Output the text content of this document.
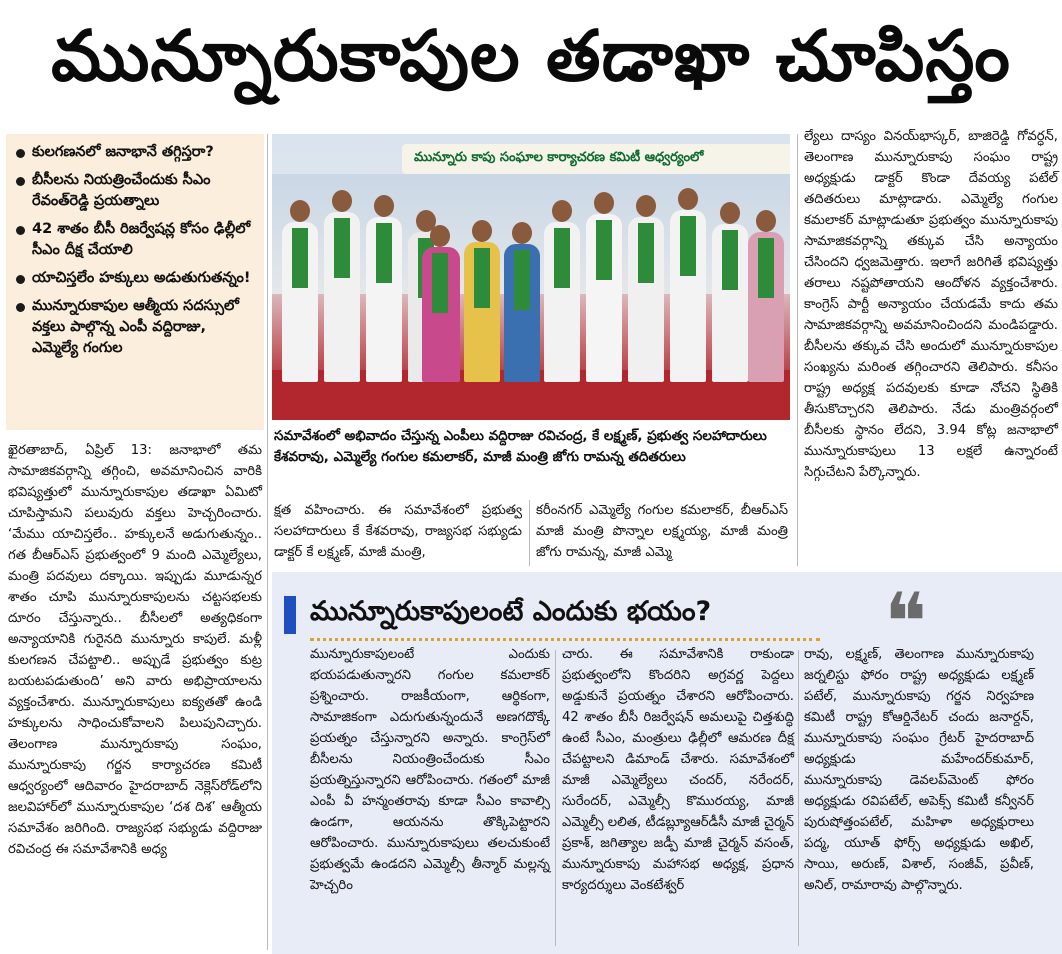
మున్నూరుకాపుల తడాఖా చూపిస్తం
కులగణనలో జనాభానే తగ్గిస్తరా?
బీసీలను నియత్రించేందుకు సీఎం రేవంత్‌రెడ్డి ప్రయత్నాలు
42 శాతం బీసీ రిజర్వేషన్ల కోసం ఢిల్లీలో సీఎం దీక్ష చేయాలి
యాచిస్తలేం హక్కులు అడుతుగుతన్నం!
మున్నూరుకాపుల ఆత్మీయ సదస్సులో వక్తలు పాల్గొన్న ఎంపీ వద్దిరాజు, ఎమ్మెల్యే గంగుల

ఖైరతాబాద్‌, ఏప్రిల్‌ 13: జనాభాలో తమ సామాజికవర్గాన్ని తగ్గించి, అవమానించిన వారికి భవిష్యత్తులో మున్నూరుకాపుల తడాఖా ఏమిటో చూపిస్తామని పలువురు వక్తలు హెచ్చరించారు. ‘మేము యాచిస్తలేం.. హక్కులనే అడుగుతున్నం.. గత బీఆర్‌ఎస్‌ ప్రభుత్వంలో 9 మంది ఎమ్మెల్యేలు, మంత్రి పదవులు దక్కాయి. ఇప్పుడు మూడున్నర శాతం చూపి మున్నూరుకాపులను చట్టసభలకు దూరం చేస్తున్నారు.. బీసీలలో అత్యధికంగా అన్యాయానికి గురైనది మున్నూరు కాపులే. మళ్లీ కులగణన చేపట్టాలి.. అప్పుడే ప్రభుత్వం కుట్ర బయటపడుతుంది’ అని వారు అభిప్రాయాలను వ్యక్తంచేశారు. మున్నూరుకాపులు ఐక్యతతో ఉండి హక్కులను సాధించుకోవాలని పిలుపునిచ్చారు. తెలంగాణ మున్నూరుకాపు సంఘం, మున్నూరుకాపు గర్జన కార్యాచరణ కమిటీ ఆధ్వర్యంలో ఆదివారం హైదరాబాద్‌ నెక్లెస్‌రోడ్‌లోని జలవిహార్‌లో మున్నూరుకాపుల ‘దశ దిశ’ ఆత్మీయ సమావేశం జరిగింది. రాజ్యసభ సభ్యుడు వద్దిరాజు రవిచంద్ర ఈ సమావేశానికి అధ్య

మున్నూరు కాపు సంఘాల కార్యాచరణ కమిటీ ఆధ్వర్యంలో
సమావేశంలో అభివాదం చేస్తున్న ఎంపీలు వద్దిరాజు రవిచంద్ర, కే లక్ష్మణ్‌, ప్రభుత్వ సలహాదారులు కేశవరావు, ఎమ్మెల్యే గంగుల కమలాకర్‌, మాజీ మంత్రి జోగు రామన్న తదితరులు

క్షత వహించారు. ఈ సమావేశంలో ప్రభుత్వ సలహాదారులు కే కేశవరావు, రాజ్యసభ సభ్యుడు డాక్టర్‌ కే లక్ష్మణ్‌, మాజీ మంత్రి,

కరీంనగర్‌ ఎమ్మెల్యే గంగుల కమలాకర్‌, బీఆర్‌ఎస్‌ మాజీ మంత్రి పొన్నాల లక్ష్మయ్య, మాజీ మంత్రి జోగు రామన్న, మాజీ ఎమ్మె

ల్యేలు దాస్యం వినయ్‌భాస్కర్‌, బాజిరెడ్డి గోవర్ధన్‌, తెలంగాణ మున్నూరుకాపు సంఘం రాష్ట్ర అధ్యక్షుడు డాక్టర్‌ కొండా దేవయ్య పటేల్‌ తదితరులు మాట్లాడారు. ఎమ్మెల్యే గంగుల కమలాకర్‌ మాట్లాడుతూ ప్రభుత్వం మున్నూరుకాపు సామాజికవర్గాన్ని తక్కువ చేసి అన్యాయం చేసిందని ధ్వజమెత్తారు. ఇలాగే జరిగితే భవిష్యత్తు తరాలు నష్టపోతాయని ఆందోళన వ్యక్తంచేశారు. కాంగ్రెస్‌ పార్టీ అన్యాయం చేయడమే కాదు తమ సామాజికవర్గాన్ని అవమానించిందని మండిపడ్డారు. బీసీలను తక్కువ చేసి అందులో మున్నూరుకాపుల సంఖ్యను మరింత తగ్గించారని తెలిపారు. కనీసం రాష్ట్ర అధ్యక్ష పదవులకు కూడా నోచని స్థితికి తీసుకొచ్చారని తెలిపారు. నేడు మంత్రివర్గంలో బీసీలకు స్థానం లేదని, 3.94 కోట్ల జనాభాలో మున్నూరుకాపులు 13 లక్షలే ఉన్నారంటే సిగ్గుచేటని పేర్కొన్నారు.

మున్నూరుకాపులంటే ఎందుకు భయం? ❝

మున్నూరుకాపులంటే ఎందుకు భయపడుతున్నారని గంగుల కమలాకర్‌ ప్రశ్నించారు. రాజకీయంగా, ఆర్థికంగా, సామాజికంగా ఎదుగుతున్నందునే అణగదొక్కే ప్రయత్నం చేస్తున్నారని అన్నారు. కాంగ్రెస్‌లో బీసీలను నియంత్రించేందుకు సీఎం ప్రయత్నిస్తున్నారని ఆరోపించారు. గతంలో మాజీ ఎంపీ వీ హన్మంతరావు కూడా సీఎం కావాల్సి ఉండగా, ఆయనను తొక్కిపెట్టారని ఆరోపించారు. మున్నూరుకాపులు తలచుకుంటే ప్రభుత్వమే ఉండదని ఎమ్మెల్సీ తీన్మార్‌ మల్లన్న హెచ్చరిం

చారు. ఈ సమావేశానికి రాకుండా ప్రభుత్వంలోని కొందరిని అగ్రవర్ణ పెద్దలు అడ్డుకునే ప్రయత్నం చేశారని ఆరోపించారు. 42 శాతం బీసీ రిజర్వేషన్‌ అమలుపై చిత్తశుద్ధి ఉంటే సీఎం, మంత్రులు ఢిల్లీలో ఆమరణ దీక్ష చేపట్టాలని డిమాండ్‌ చేశారు. సమావేశంలో మాజీ ఎమ్మెల్యేలు చందర్‌, నరేందర్‌, సురేందర్‌, ఎమ్మెల్సీ కొమురయ్య, మాజీ ఎమ్మెల్సీ లలిత, టీడబ్ల్యూఆర్‌డీసీ మాజీ చైర్మన్‌ ప్రకాశ్‌, జగిత్యాల జడ్పీ మాజీ చైర్మన్‌ వసంత్‌, మున్నూరుకాపు మహాసభ అధ్యక్ష, ప్రధాన కార్యదర్శులు వెంకటేశ్వర్‌

రావు, లక్ష్మణ్‌, తెలంగాణ మున్నూరుకాపు జర్నలిస్టు ఫోరం రాష్ట్ర అధ్యక్షుడు లక్ష్మణ్‌ పటేల్‌, మున్నూరుకాపు గర్జన నిర్వహణ కమిటీ రాష్ట్ర కోఆర్డినేటర్‌ చందు జనార్దన్‌, మున్నూరుకాపు సంఘం గ్రేటర్‌ హైదరాబాద్‌ అధ్యక్షుడు మహేందర్‌కుమార్‌, మున్నూరుకాపు డెవలప్‌మెంట్‌ ఫోరం అధ్యక్షుడు రవిపటేల్‌, అపెక్స్‌ కమిటీ కన్వీనర్‌ పురుషోత్తంపటేల్‌, మహిళా అధ్యక్షురాలు పద్మ, యూత్‌ ఫోర్స్‌ అధ్యక్షుడు అఖిల్‌, సాయి, అరుణ్‌, విశాల్‌, సంజీవ్‌, ప్రవీణ్‌, అనిల్‌, రామారావు పాల్గొన్నారు.
